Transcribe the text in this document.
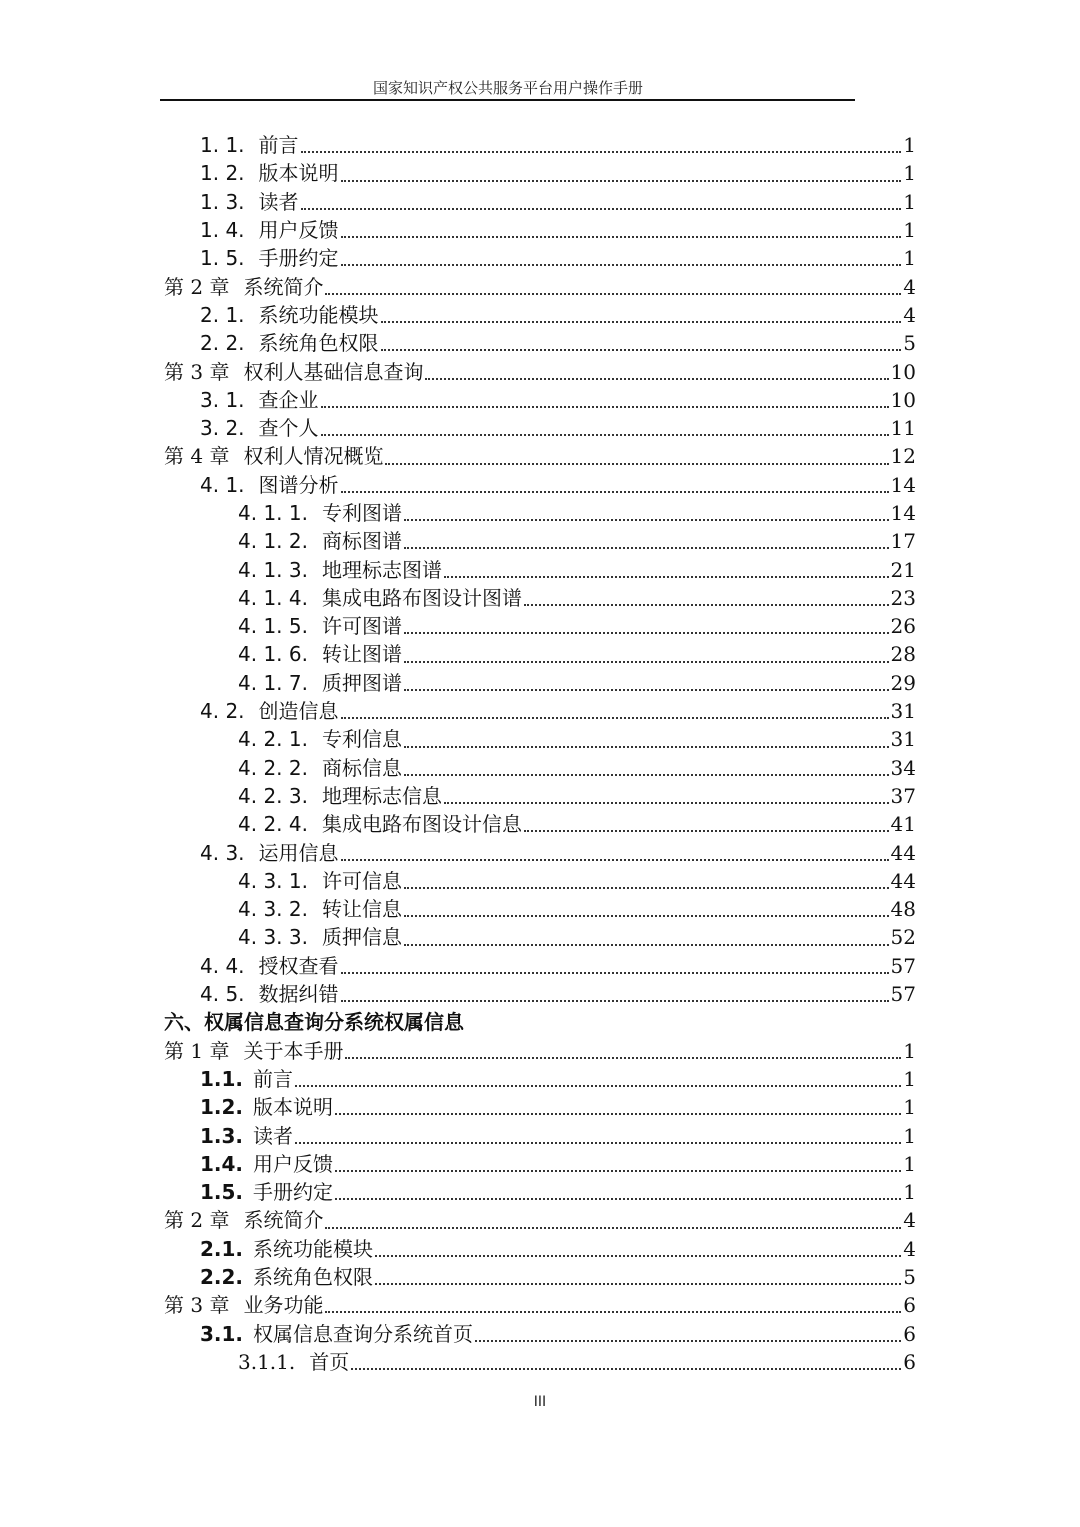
国家知识产权公共服务平台用户操作手册
1. 1. 前言	1
1. 2. 版本说明	1
1. 3. 读者	1
1. 4. 用户反馈	1
1. 5. 手册约定	1
第 2 章 系统简介	4
2. 1. 系统功能模块	4
2. 2. 系统角色权限	5
第 3 章 权利人基础信息查询	10
3. 1. 查企业	10
3. 2. 查个人	11
第 4 章 权利人情况概览	12
4. 1. 图谱分析	14
4. 1. 1. 专利图谱	14
4. 1. 2. 商标图谱	17
4. 1. 3. 地理标志图谱	21
4. 1. 4. 集成电路布图设计图谱	23
4. 1. 5. 许可图谱	26
4. 1. 6. 转让图谱	28
4. 1. 7. 质押图谱	29
4. 2. 创造信息	31
4. 2. 1. 专利信息	31
4. 2. 2. 商标信息	34
4. 2. 3. 地理标志信息	37
4. 2. 4. 集成电路布图设计信息	41
4. 3. 运用信息	44
4. 3. 1. 许可信息	44
4. 3. 2. 转让信息	48
4. 3. 3. 质押信息	52
4. 4. 授权查看	57
4. 5. 数据纠错	57
六、权属信息查询分系统权属信息
第 1 章 关于本手册	1
1.1. 前言	1
1.2. 版本说明	1
1.3. 读者	1
1.4. 用户反馈	1
1.5. 手册约定	1
第 2 章 系统简介	4
2.1. 系统功能模块	4
2.2. 系统角色权限	5
第 3 章 业务功能	6
3.1. 权属信息查询分系统首页	6
3.1.1. 首页	6
III
